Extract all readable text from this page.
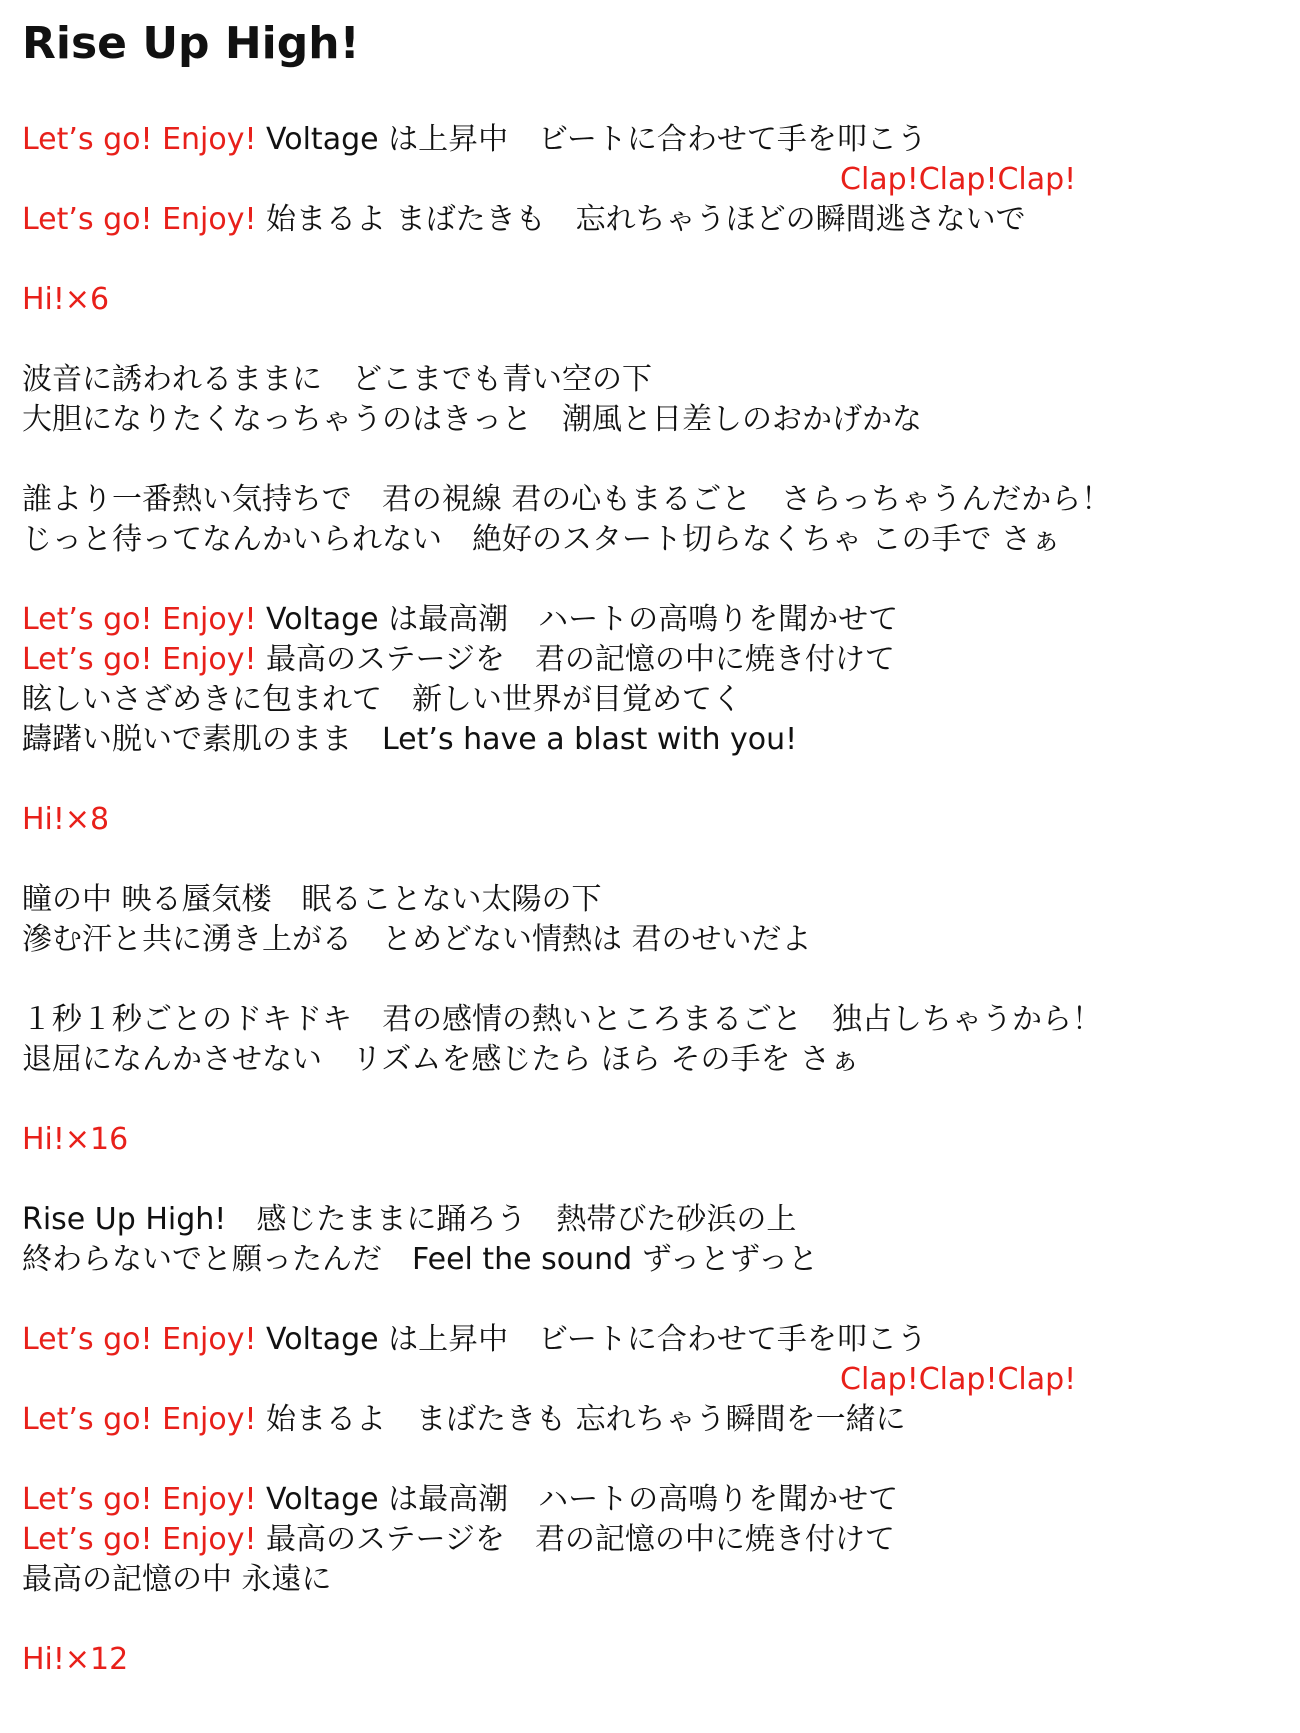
Rise Up High!
Let’s go! Enjoy! Voltage は上昇中　ビートに合わせて手を叩こう
Clap!Clap!Clap!
Let’s go! Enjoy! 始まるよ まばたきも　忘れちゃうほどの瞬間逃さないで
Hi!×6
波音に誘われるままに　どこまでも青い空の下
大胆になりたくなっちゃうのはきっと　潮風と日差しのおかげかな
誰より一番熱い気持ちで　君の視線 君の心もまるごと　さらっちゃうんだから！
じっと待ってなんかいられない　絶好のスタート切らなくちゃ この手で さぁ
Let’s go! Enjoy! Voltage は最高潮　ハートの高鳴りを聞かせて
Let’s go! Enjoy! 最高のステージを　君の記憶の中に焼き付けて
眩しいさざめきに包まれて　新しい世界が目覚めてく
躊躇い脱いで素肌のまま　Let’s have a blast with you!
Hi!×8
瞳の中 映る蜃気楼　眠ることない太陽の下
滲む汗と共に湧き上がる　とめどない情熱は 君のせいだよ
１秒１秒ごとのドキドキ　君の感情の熱いところまるごと　独占しちゃうから！
退屈になんかさせない　リズムを感じたら ほら その手を さぁ
Hi!×16
Rise Up High!　感じたままに踊ろう　熱帯びた砂浜の上
終わらないでと願ったんだ　Feel the sound ずっとずっと
Let’s go! Enjoy! Voltage は上昇中　ビートに合わせて手を叩こう
Clap!Clap!Clap!
Let’s go! Enjoy! 始まるよ　まばたきも 忘れちゃう瞬間を一緒に
Let’s go! Enjoy! Voltage は最高潮　ハートの高鳴りを聞かせて
Let’s go! Enjoy! 最高のステージを　君の記憶の中に焼き付けて
最高の記憶の中 永遠に
Hi!×12
